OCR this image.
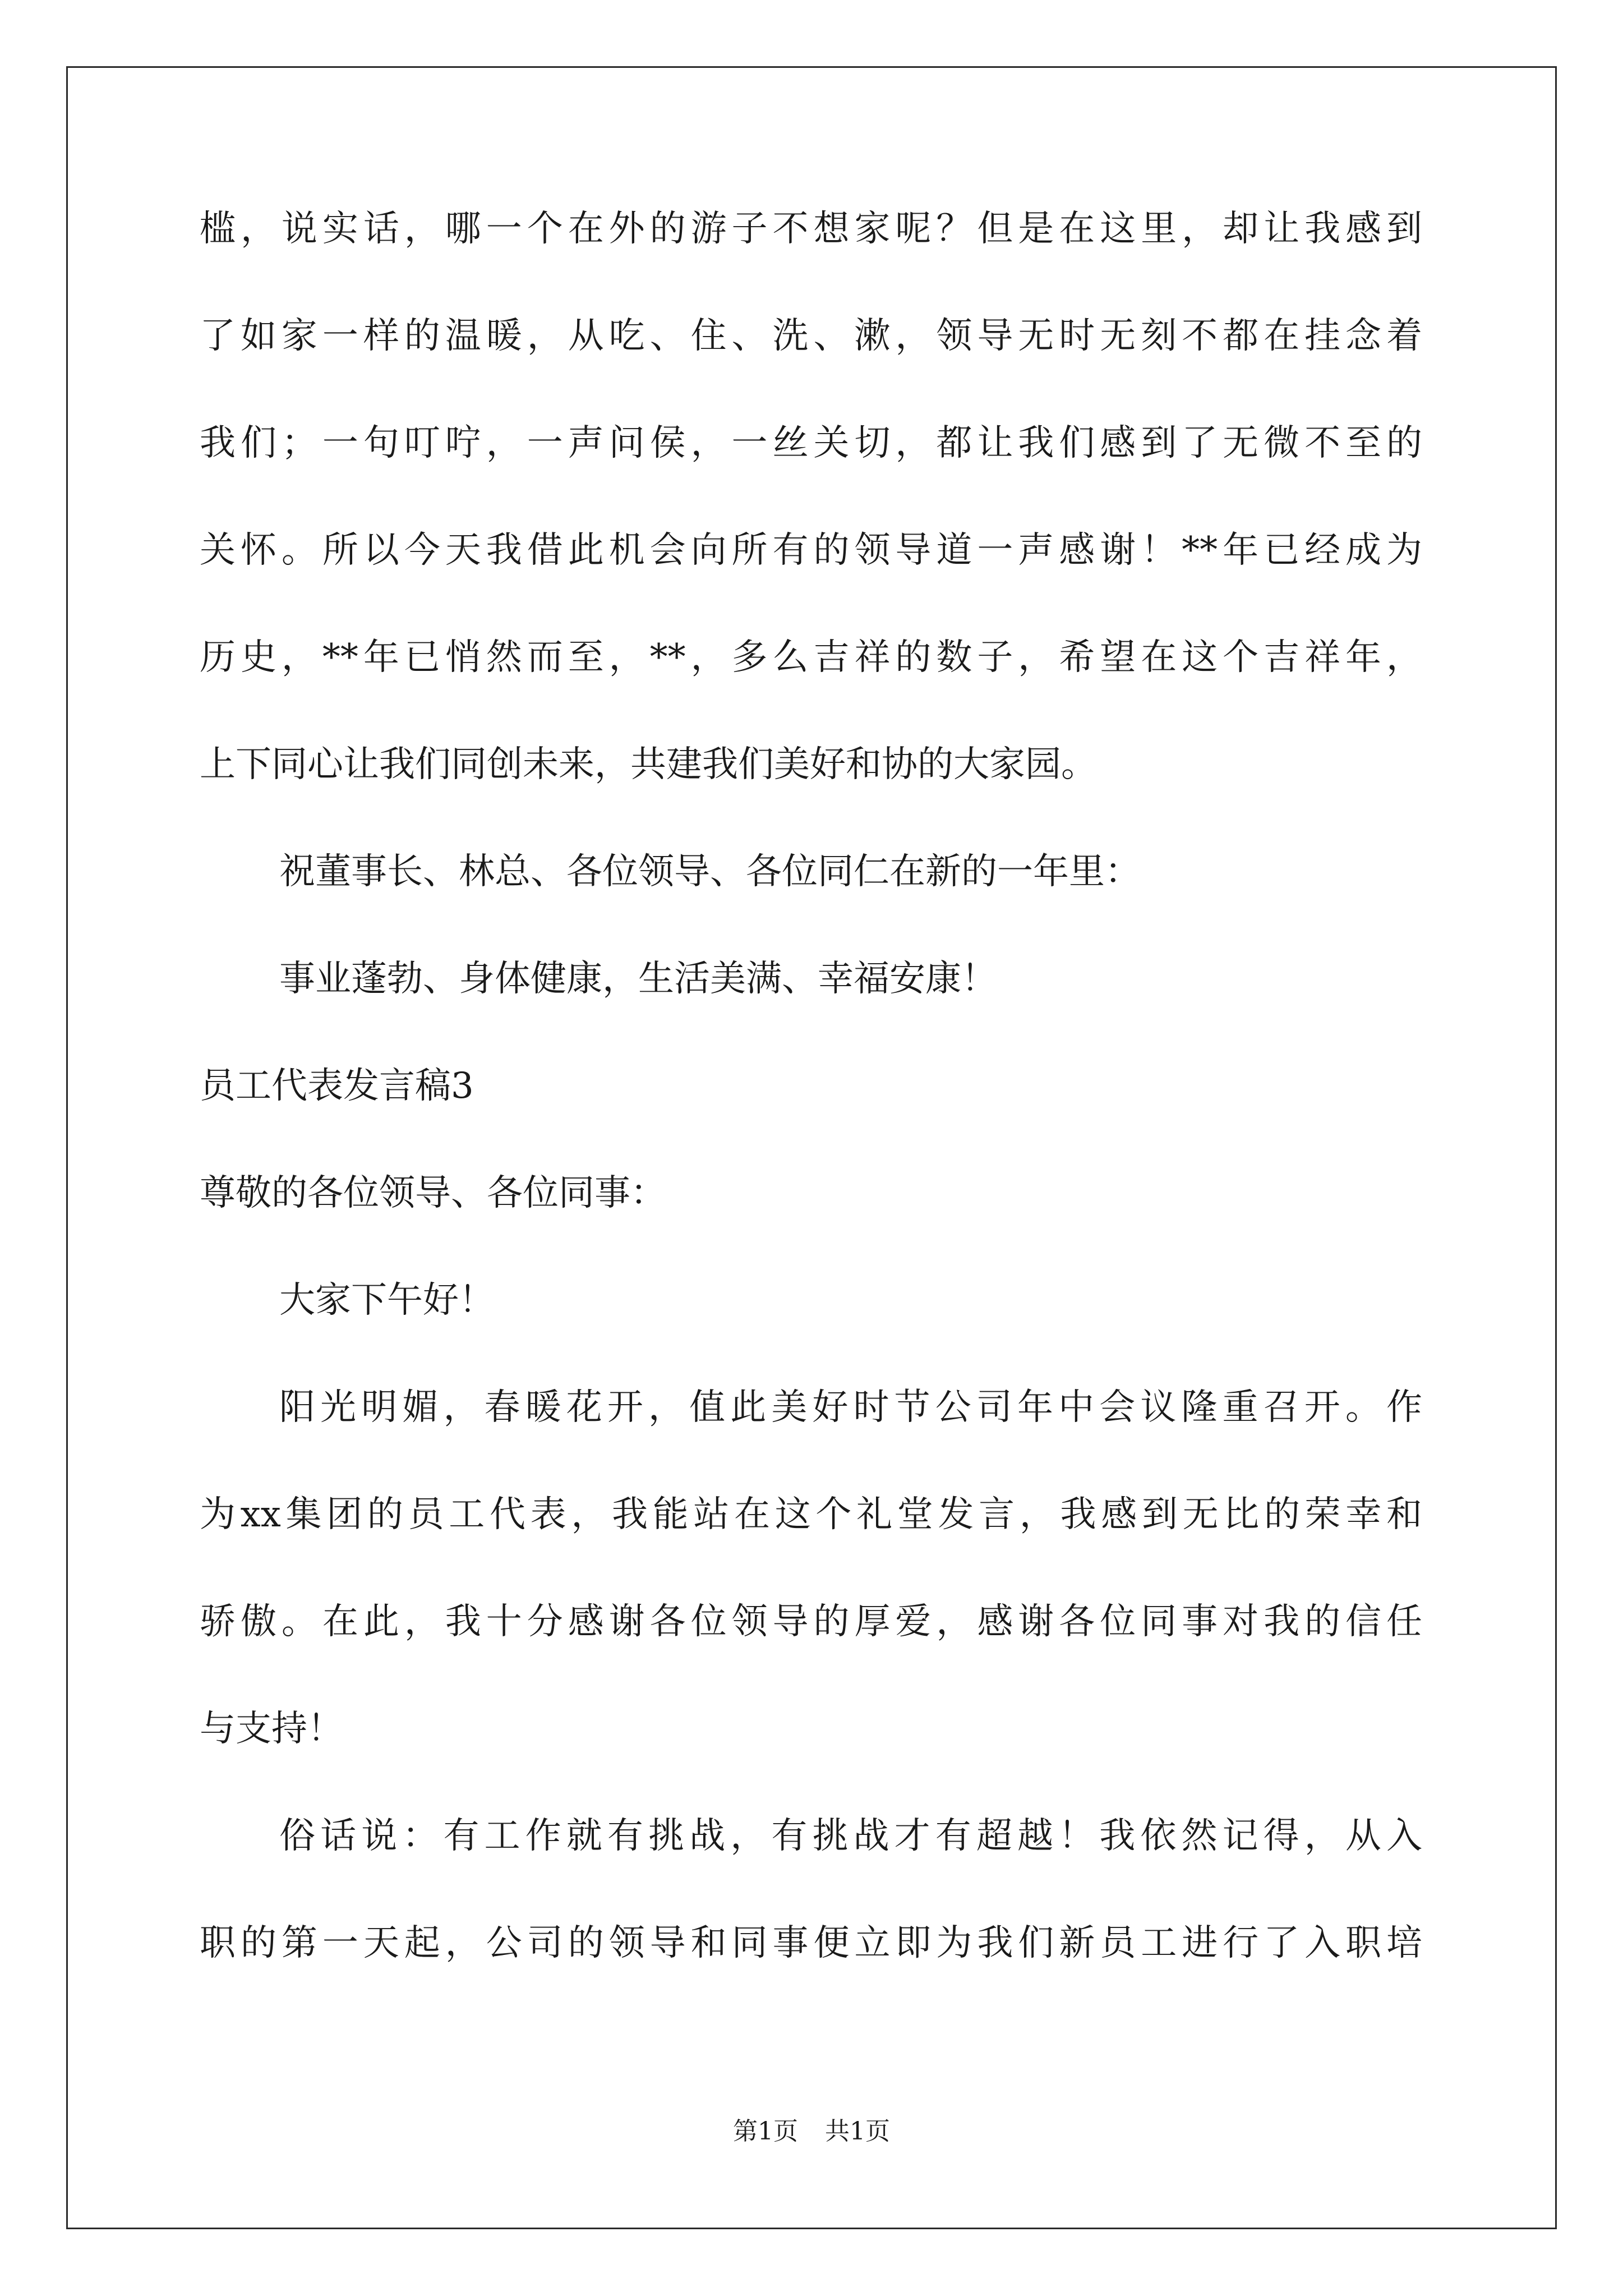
槛，说实话，哪一个在外的游子不想家呢？但是在这里，却让我感到
了如家一样的温暖，从吃、住、洗、漱，领导无时无刻不都在挂念着
我们；一句叮咛，一声问侯，一丝关切，都让我们感到了无微不至的
关怀。所以今天我借此机会向所有的领导道一声感谢！**年已经成为
历史，**年已悄然而至，**，多么吉祥的数子，希望在这个吉祥年，
上下同心让我们同创未来，共建我们美好和协的大家园。
祝董事长、林总、各位领导、各位同仁在新的一年里：
事业蓬勃、身体健康，生活美满、幸福安康！
员工代表发言稿3
尊敬的各位领导、各位同事：
大家下午好！
阳光明媚，春暖花开，值此美好时节公司年中会议隆重召开。作
为xx集团的员工代表，我能站在这个礼堂发言，我感到无比的荣幸和
骄傲。在此，我十分感谢各位领导的厚爱，感谢各位同事对我的信任
与支持！
俗话说：有工作就有挑战，有挑战才有超越！我依然记得，从入
职的第一天起，公司的领导和同事便立即为我们新员工进行了入职培
第1页 共1页
